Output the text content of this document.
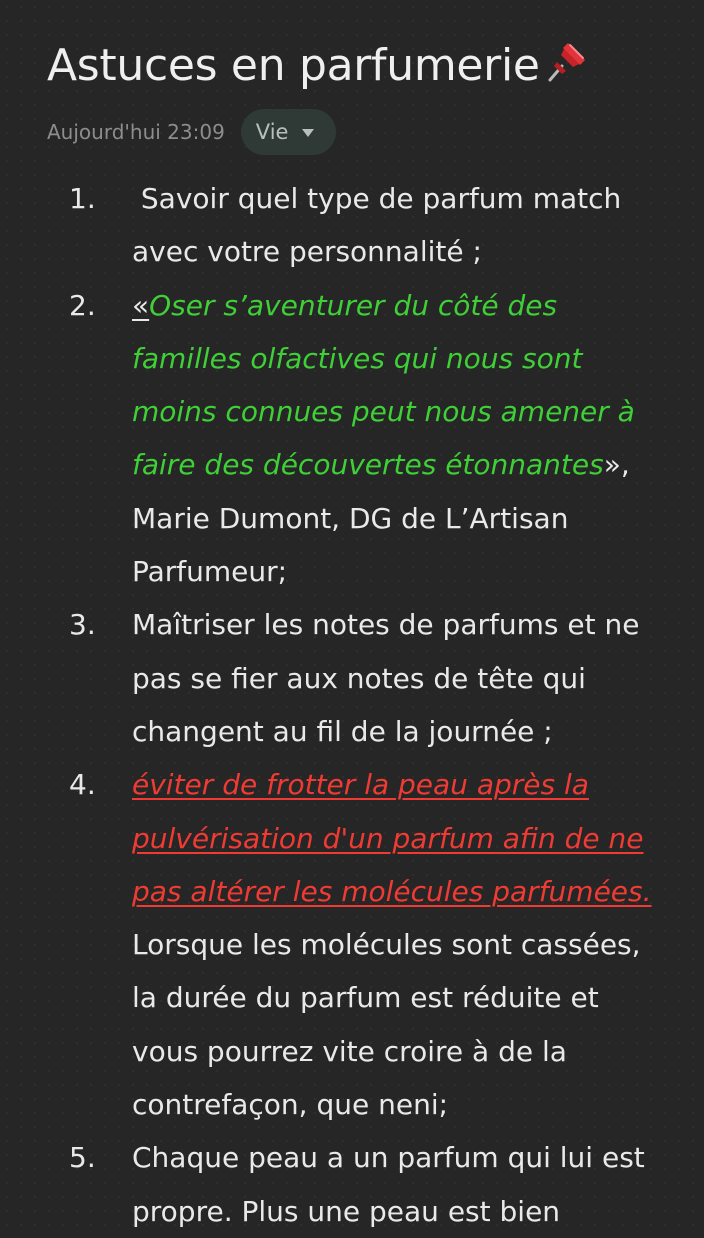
Astuces en parfumerie
Aujourd'hui 23:09 Vie
1.	Savoir quel type de parfum match avec votre personnalité ;
2.	«Oser s’aventurer du côté des familles olfactives qui nous sont moins connues peut nous amener à faire des découvertes étonnantes», Marie Dumont, DG de L’Artisan Parfumeur;
3.	Maîtriser les notes de parfums et ne pas se fier aux notes de tête qui changent au fil de la journée ;
4.	éviter de frotter la peau après la pulvérisation d'un parfum afin de ne pas altérer les molécules parfumées.
Lorsque les molécules sont cassées, la durée du parfum est réduite et vous pourrez vite croire à de la contrefaçon, que neni;
5.	Chaque peau a un parfum qui lui est propre. Plus une peau est bien
